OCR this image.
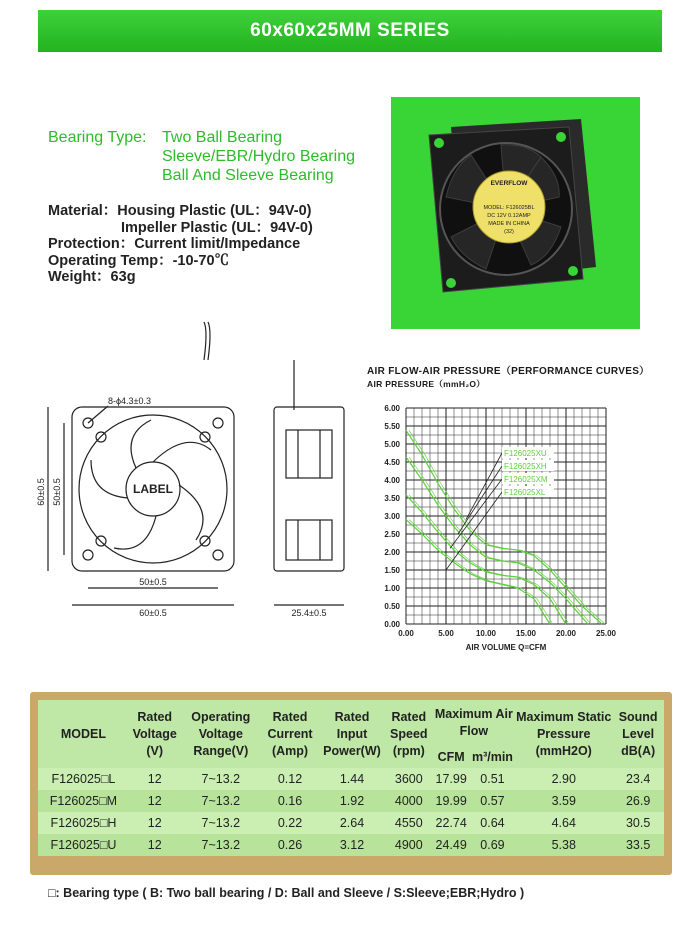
60x60x25MM SERIES
Bearing Type: Two Ball Bearing
Sleeve/EBR/Hydro Bearing
Ball And Sleeve Bearing
Material：Housing Plastic (UL：94V-0)
Impeller Plastic (UL：94V-0)
Protection：Current limit/Impedance
Operating Temp：-10-70℃
Weight：63g
EVERFLOW
MODEL: F126025BL
DC 12V 0.12AMP
MADE IN CHINA
(32)
LABEL
8-ϕ4.3±0.3
60±0.5 50±0.5
50±0.5
60±0.5	25.4±0.5
AIR FLOW-AIR PRESSURE（PERFORMANCE CURVES）
AIR PRESSURE（mmH₂O）
0.00
0.50
1.00
1.50
2.00
2.50
3.00
3.50
4.00
4.50
5.00
5.50
6.00
0.00	5.00	10.00 15.00 20.00 25.00
AIR VOLUME Q=CFM
F126025XU
F126025XH
F126025XM
F126025XL
MODEL	Rated Voltage (V)	Operating Voltage Range(V)	Rated Current (Amp)	Rated Input Power(W)	Rated Speed (rpm)	Maximum Air Flow		Maximum Static Pressure (mmH2O)	Sound Level dB(A)
						CFM	m³/min		
F126025□L	12	7~13.2	0.12	1.44	3600	17.99	0.51	2.90	23.4
F126025□M	12	7~13.2	0.16	1.92	4000	19.99	0.57	3.59	26.9
F126025□H	12	7~13.2	0.22	2.64	4550	22.74	0.64	4.64	30.5
F126025□U	12	7~13.2	0.26	3.12	4900	24.49	0.69	5.38	33.5
□: Bearing type ( B: Two ball bearing / D: Ball and Sleeve / S:Sleeve;EBR;Hydro )
